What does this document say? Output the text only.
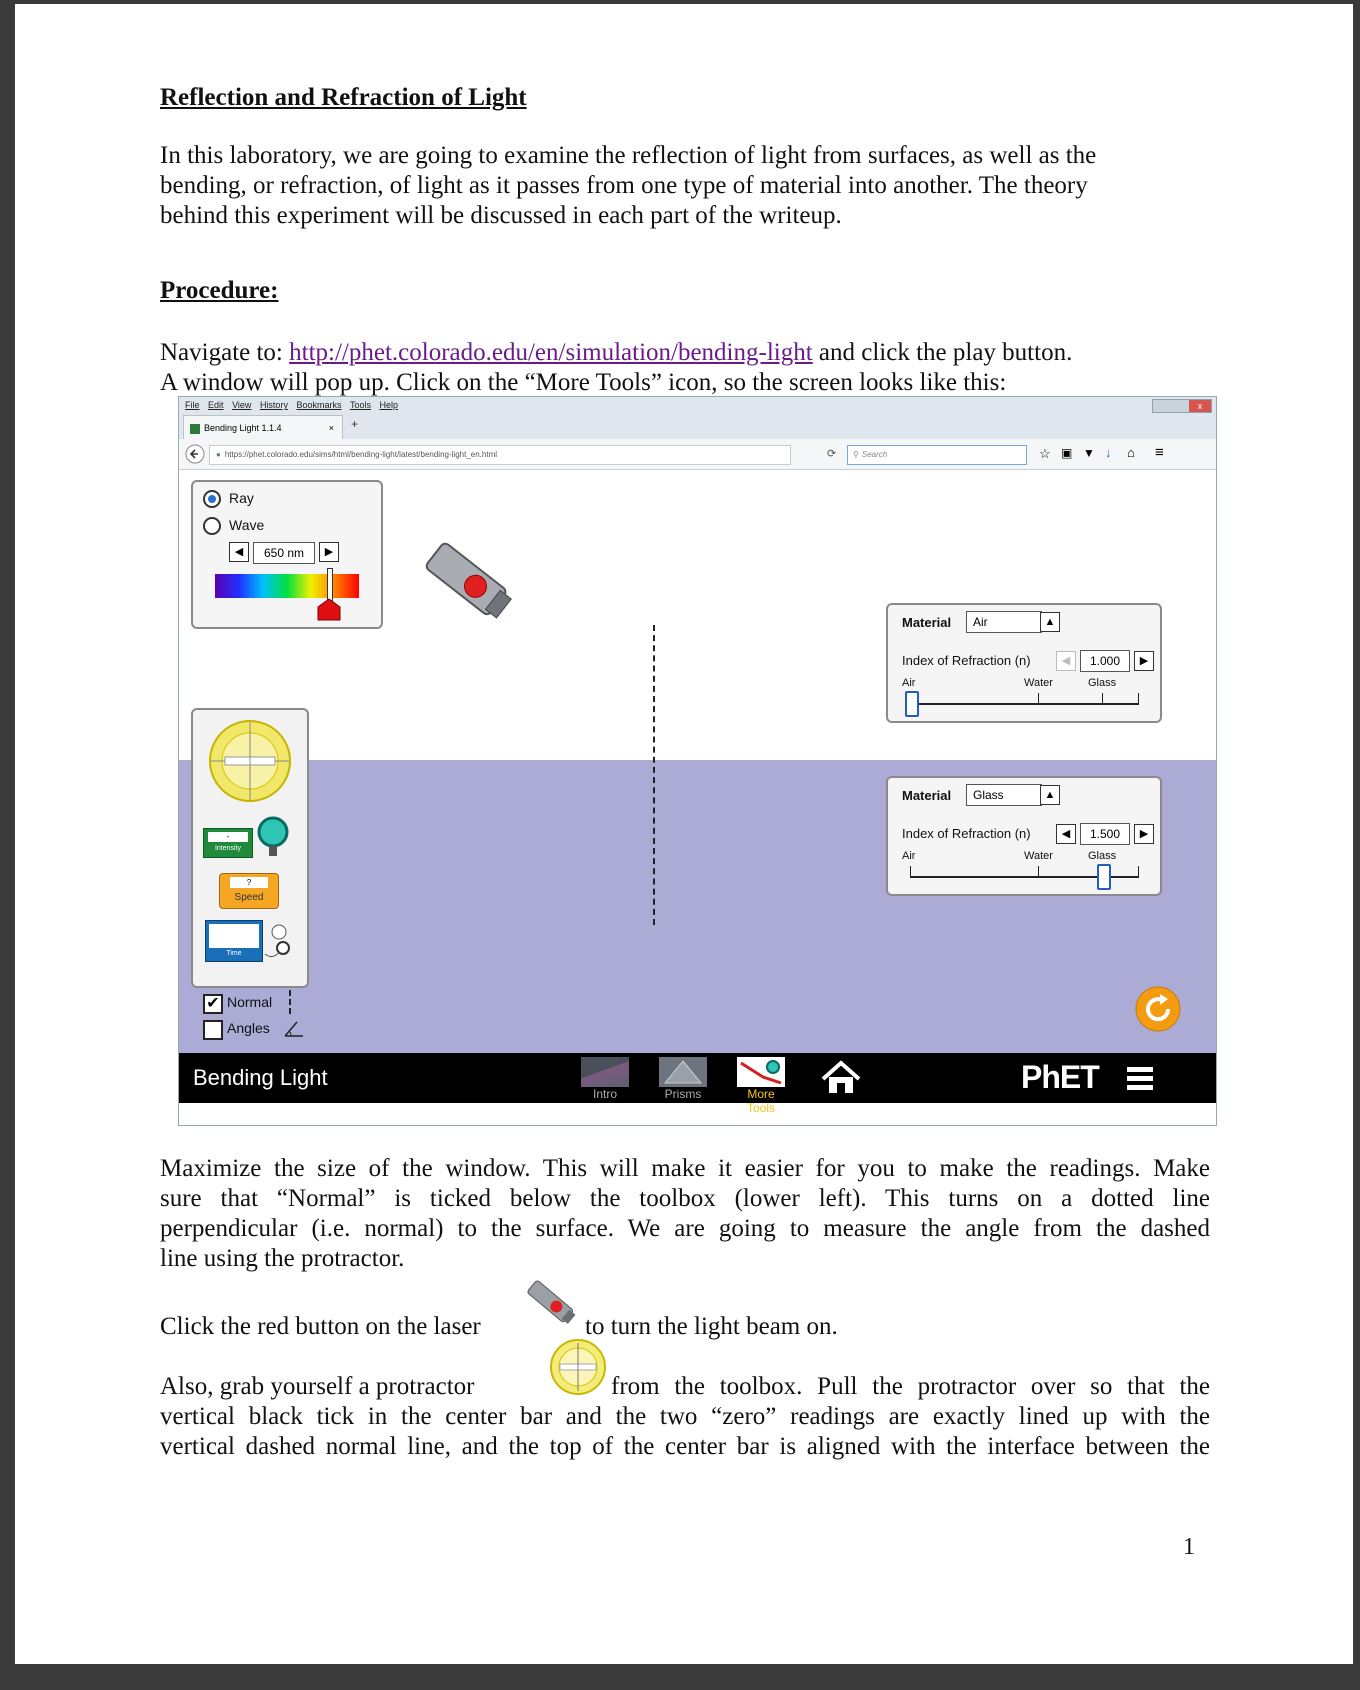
Reflection and Refraction of Light
In this laboratory, we are going to examine the reflection of light from surfaces, as well as the
bending, or refraction, of light as it passes from one type of material into another. The theory
behind this experiment will be discussed in each part of the writeup.
Procedure:
Navigate to: http://phet.colorado.edu/en/simulation/bending-light and click the play button.
A window will pop up. Click on the “More Tools” icon, so the screen looks like this:
Maximize the size of the window. This will make it easier for you to make the readings. Make
sure that “Normal” is ticked below the toolbox (lower left). This turns on a dotted line
perpendicular (i.e. normal) to the surface. We are going to measure the angle from the dashed
line using the protractor.
Click the red button on the laser	to turn the light beam on.
Also, grab yourself a protractor	from the toolbox. Pull the protractor over so that the
vertical black tick in the center bar and the two “zero” readings are exactly lined up with the
vertical dashed normal line, and the top of the center bar is aligned with the interface between the
1
File Edit View History Bookmarks Tools Help	x
Bending Light 1.1.4	× +
● https://phet.colorado.edu/sims/html/bending-light/latest/bending-light_en.html	⟳	⚲ Search	☆ ▣ ▼ ↓ ⌂ ≡
Ray
Wave
◀	650 nm	▶
Material	Air	▲
Index of Refraction (n)	◀	1.000	▶
Air	Water	Glass
Material	Glass	▲
Index of Refraction (n)	◀	1.500	▶
Air	Water	Glass
-
Intensity
?
Speed
Time
✔ Normal
Angles
Bending Light
Intro	Prisms	More Tools
PhET
